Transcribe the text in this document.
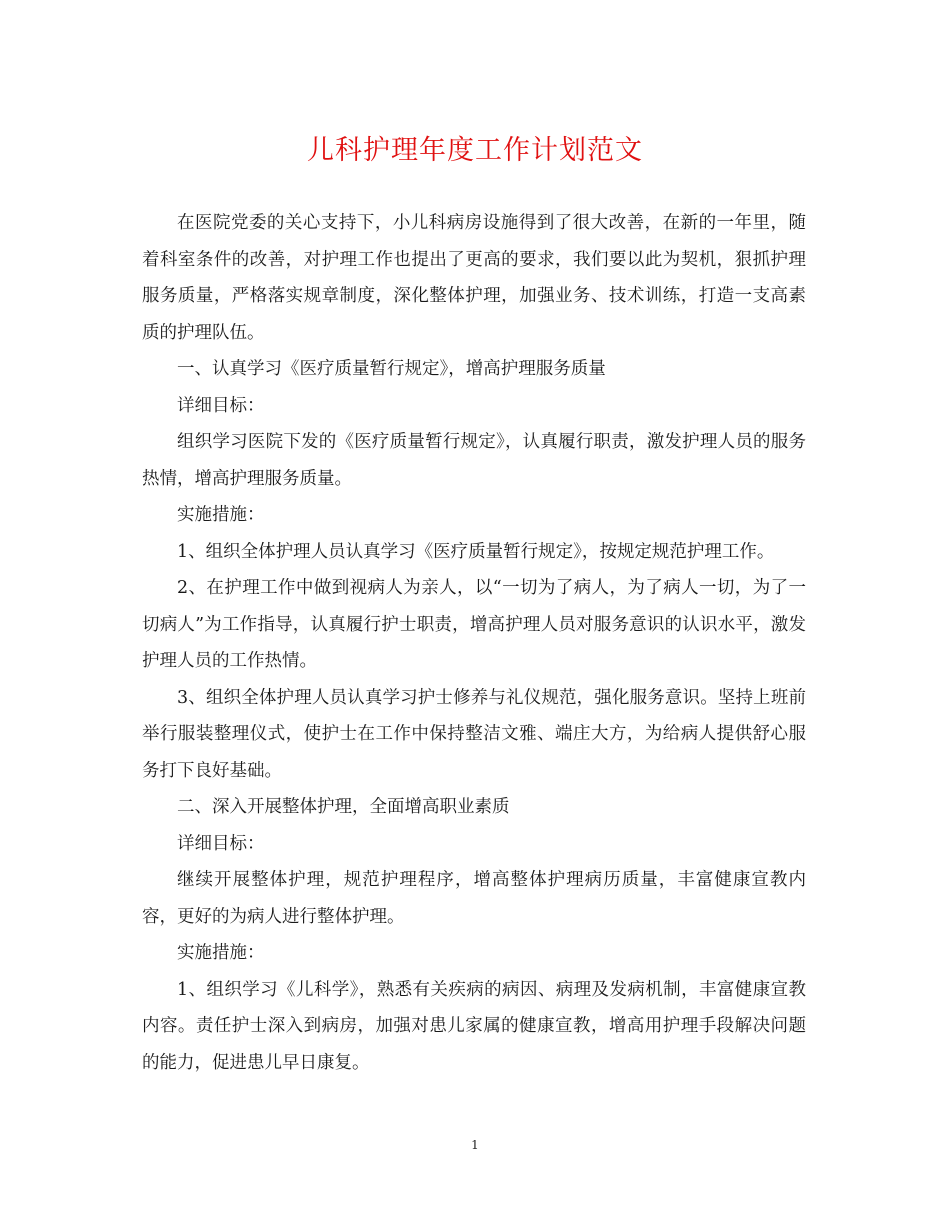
儿科护理年度工作计划范文

在医院党委的关心支持下，小儿科病房设施得到了很大改善，在新的一年里，随着科室条件的改善，对护理工作也提出了更高的要求，我们要以此为契机，狠抓护理服务质量，严格落实规章制度，深化整体护理，加强业务、技术训练，打造一支高素质的护理队伍。

一、认真学习《医疗质量暂行规定》，增高护理服务质量

详细目标：

组织学习医院下发的《医疗质量暂行规定》，认真履行职责，激发护理人员的服务热情，增高护理服务质量。

实施措施：

1、组织全体护理人员认真学习《医疗质量暂行规定》，按规定规范护理工作。

2、在护理工作中做到视病人为亲人，以“一切为了病人，为了病人一切，为了一切病人”为工作指导，认真履行护士职责，增高护理人员对服务意识的认识水平，激发护理人员的工作热情。

3、组织全体护理人员认真学习护士修养与礼仪规范，强化服务意识。坚持上班前举行服装整理仪式，使护士在工作中保持整洁文雅、端庄大方，为给病人提供舒心服务打下良好基础。

二、深入开展整体护理，全面增高职业素质

详细目标：

继续开展整体护理，规范护理程序，增高整体护理病历质量，丰富健康宣教内容，更好的为病人进行整体护理。

实施措施：

1、组织学习《儿科学》，熟悉有关疾病的病因、病理及发病机制，丰富健康宣教内容。责任护士深入到病房，加强对患儿家属的健康宣教，增高用护理手段解决问题的能力，促进患儿早日康复。

1
